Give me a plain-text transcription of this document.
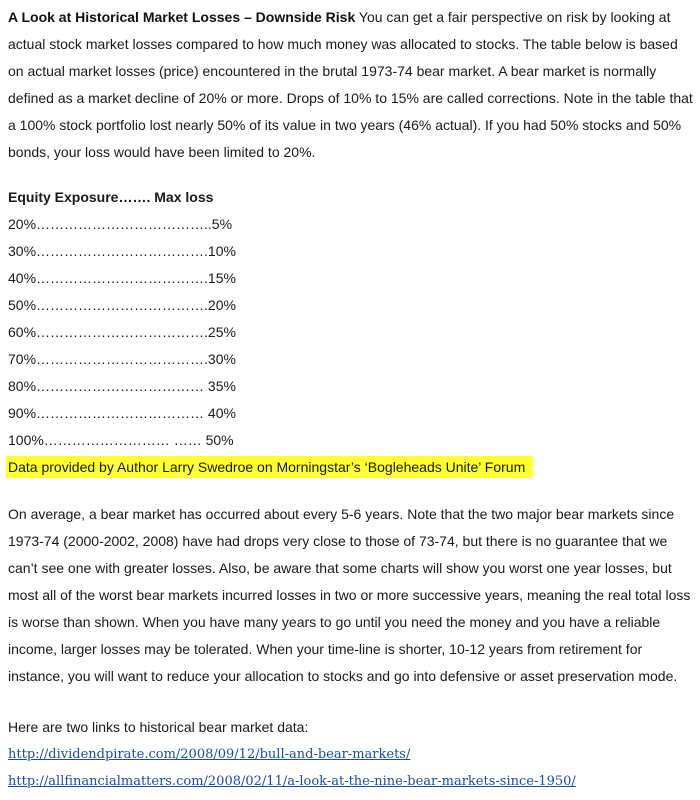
A Look at Historical Market Losses – Downside Risk You can get a fair perspective on risk by looking at actual stock market losses compared to how much money was allocated to stocks. The table below is based on actual market losses (price) encountered in the brutal 1973-74 bear market. A bear market is normally defined as a market decline of 20% or more. Drops of 10% to 15% are called corrections. Note in the table that a 100% stock portfolio lost nearly 50% of its value in two years (46% actual). If you had 50% stocks and 50% bonds, your loss would have been limited to 20%.

Equity Exposure……. Max loss
20%………………………………..5%
30%……………………………….10%
40%……………………………….15%
50%……………………………….20%
60%……………………………….25%
70%……………………………….30%
80%……………………………… 35%
90%……………………………… 40%
100%……………………… …… 50%
Data provided by Author Larry Swedroe on Morningstar’s ‘Bogleheads Unite’ Forum

On average, a bear market has occurred about every 5-6 years. Note that the two major bear markets since 1973-74 (2000-2002, 2008) have had drops very close to those of 73-74, but there is no guarantee that we can’t see one with greater losses. Also, be aware that some charts will show you worst one year losses, but most all of the worst bear markets incurred losses in two or more successive years, meaning the real total loss is worse than shown. When you have many years to go until you need the money and you have a reliable income, larger losses may be tolerated. When your time-line is shorter, 10-12 years from retirement for instance, you will want to reduce your allocation to stocks and go into defensive or asset preservation mode.

Here are two links to historical bear market data:

http://dividendpirate.com/2008/09/12/bull-and-bear-markets/
http://allfinancialmatters.com/2008/02/11/a-look-at-the-nine-bear-markets-since-1950/
